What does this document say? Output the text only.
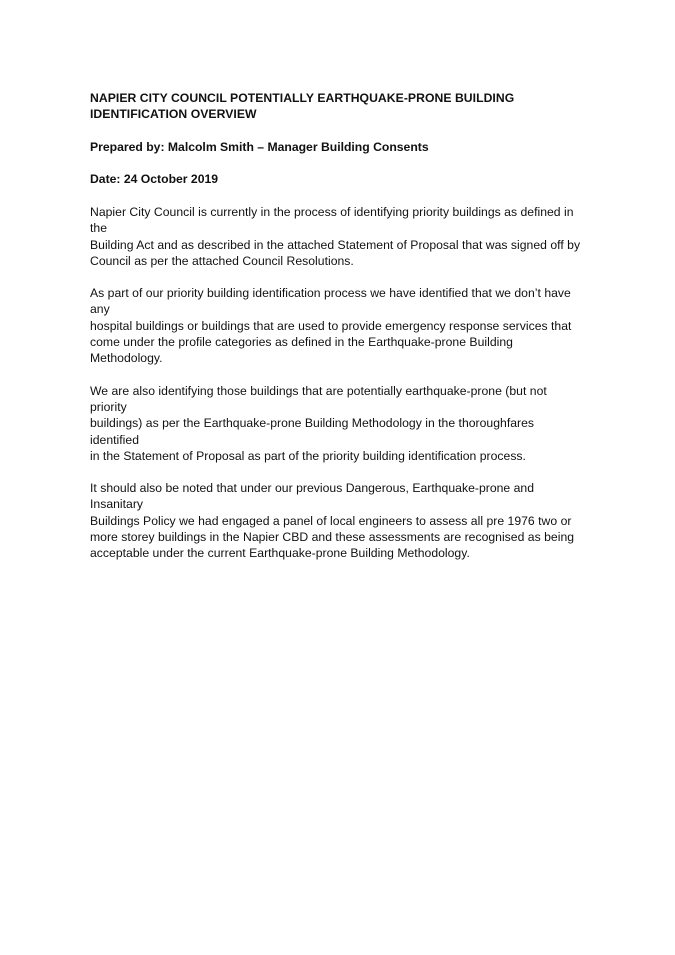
NAPIER CITY COUNCIL POTENTIALLY EARTHQUAKE-PRONE BUILDING
IDENTIFICATION OVERVIEW

Prepared by: Malcolm Smith – Manager Building Consents

Date: 24 October 2019

Napier City Council is currently in the process of identifying priority buildings as defined in the
Building Act and as described in the attached Statement of Proposal that was signed off by
Council as per the attached Council Resolutions.

As part of our priority building identification process we have identified that we don’t have any
hospital buildings or buildings that are used to provide emergency response services that
come under the profile categories as defined in the Earthquake-prone Building Methodology.

We are also identifying those buildings that are potentially earthquake-prone (but not priority
buildings) as per the Earthquake-prone Building Methodology in the thoroughfares identified
in the Statement of Proposal as part of the priority building identification process.

It should also be noted that under our previous Dangerous, Earthquake-prone and Insanitary
Buildings Policy we had engaged a panel of local engineers to assess all pre 1976 two or
more storey buildings in the Napier CBD and these assessments are recognised as being
acceptable under the current Earthquake-prone Building Methodology.
